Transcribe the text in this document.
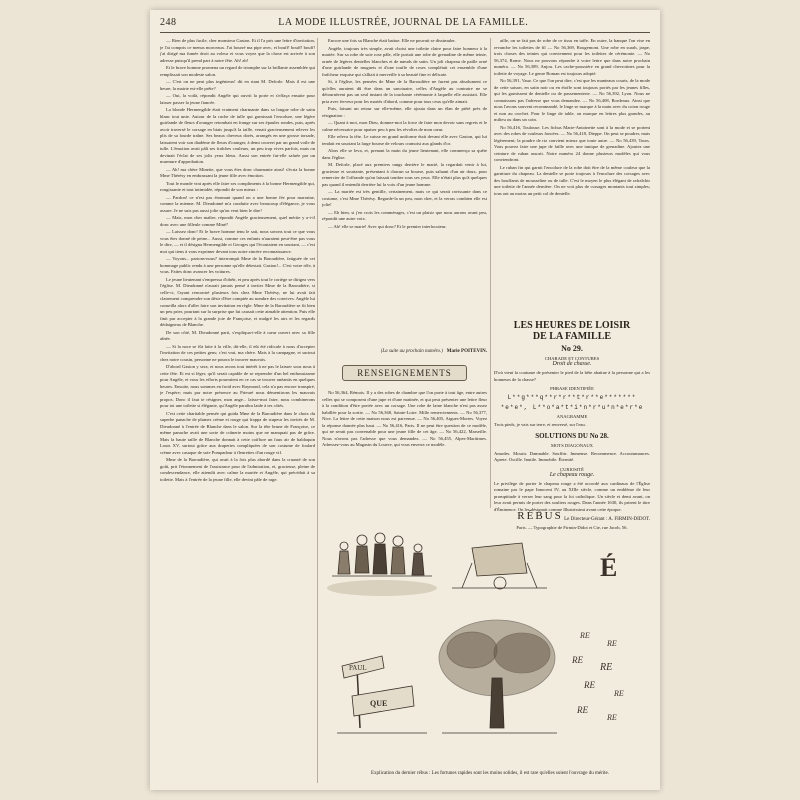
248	LA MODE ILLUSTRÉE, JOURNAL DE LA FAMILLE.

— Rien de plus facile, cher monsieur Gaston. Et il l'a pris une lettre d'invitation, je l'ai compris ce menus morceaux. J'ai bourré ma pipe avec, et bouff! bouff! bouff! j'ai dirigé ma fumée droit au voleur et vous voyez que la chose est arrivée à son adresse puisqu'il prend part à notre fête. Ah! ah!

Et le brave homme promena un regard de triomphe sur la brillante assemblée qui remplissait son modeste salon.

— C'est on ne peut plus ingénieux! dit en riant M. Deforle. Mais il est une heure; la mairie est-elle prête?

— Oui, la voilà, répondit Angèle qui ouvrit la porte et s'effaça ensuite pour laisser passer la jeune fiancée.

La blonde Hermengilde était vraiment charmante dans sa longue robe de satin blanc tout unie. Autour de la ruche de tulle qui garnissait l'encolure, une légère guirlande de fleurs d'oranger retombait en frange sur ses épaules rondes, puis, après avoir traversé le corsage en biais jusqu'à la taille, venait gracieusement relever les plis de sa lourde traîne. Ses beaux cheveux dorés, arrangés en une grosse torsade, laissaient voir son diadème de fleurs d'oranger, à demi couvert par un grand voile de tulle. L'émotion avait pâli ses fraîches couleurs, un peu trop vives parfois, mais on devinait l'éclat de ses jolis yeux bleus. Aussi son entrée fut-elle saluée par un murmure d'approbation.

— Ah! ma chère Minette, que vous êtes donc charmante ainsi! s'écria la bonne Mme Thérèsy en embrassant la jeune fille avec émotion.

Tout le monde vint après elle faire ses compliments à la bonne Hermengilde qui, rougissante et tout intimidée, répondit de son mieux :

— Pardon! ce n'est pas étonnant quand on a une bonne fée pour marraine, comme la mienne. M. Dieudonné m'a conduite avec beaucoup d'élégance, je vous assure. Je ne suis pas aussi jolie qu'on veut bien le dire!

— Mais, mon cher maître, répondit Angèle gracieusement, quel mérite y a-t-il donc avec une filleule comme Miné?

— Laissez donc! Et le brave homme tenu le sait, nous savons tout ce que vous vous êtes donné de peine... Aussi, comme ces enfants n'auraient peut-être pas vous le dire, — et il désigna Hermengilde et Georges qui l'écoutaient en souriant, — c'est moi qui tiens à vous exprimer devant tous notre sincère reconnaissance.

— Voyons... partons-nous? interrompit Mme de la Baroudière, fatiguée de cet hommage public rendu à une personne qu'elle détestait. Gaston!... C'est votre rôle, à vous. Faites donc avancer les voitures.

Le jeune lieutenant s'empressa d'obéir, et peu après tout le cortège se dirigea vers l'église. M. Dieudonné n'aurait jamais pensé à inviter Mme de la Baroudière, si celle-ci, l'ayant rencontré plusieurs fois chez Mme Thérèsy, ne lui avait fait clairement comprendre son désir d'être comptée au nombre des convives. Angèle lui conseilla alors d'aller faire son invitation en règle. Mme de la Baroudière se fit bien un peu prier, pourtant sur la surprise que lui causait cette aimable attention. Puis elle finit par accepter à la grande joie de Françoise, et malgré les airs et les regards dédaigneux de Blanche.

De son côté, M. Dieudonné parti, s'expliqua-t-elle à cœur ouvert avec sa fille aînée.

— Si la noce se fût faite à la ville, dit-elle, il eût été ridicule à nous d'accepter l'invitation de ces petites gens; c'est vrai, ma chère. Mais à la campagne, et surtout chez notre cousin, personne ne pourra le trouver mauvais.

D'abord Gaston y sera, et nous avons tout intérêt à ne pas le laisser sous nous à cette fête. Et est si léger, qu'il serait capable de se reprendre d'un bel enthousiasme pour Angèle, et vous les efforts pourraient en ce cas se trouver anéantis en quelques heures. Ensuite, nous sommes en froid avec Raymond, cela n'a pas encore transpiré, je l'espère; mais par notre présence au Prieuré nous démentirons les mauvais propos. Donc il faut te résigner, mon ange... laisse-moi faire, nous combinerons pour toi une toilette si élégante, qu'Angèle paraîtra laide à tes côtés.

C'est cette charitable pensée qui guida Mme de la Baroudière dans le choix du superbe panache de plumes crème et rouge qui frappa de stupeur les invités de M. Dieudonné à l'entrée de Blanche dans le salon. Sur la tête brune de Françoise, ce même panache avait une sorte de crânerie moins que ne manquait pas de grâce. Mais la haute taille de Blanche donnait à cette coiffure un faux air de baldaquin Louis XV, surtout grâce aux draperies compliquées de son costume de foulard crème avec casaque de soie Pompadour à fleurettes d'un rouge vif.

Mme de la Baroudière, qui avait à la fois plus abordé dans la cruauté de son goût, prit l'étonnement de l'assistance pour de l'admiration, et, gracieuse, pleine de condescendance, elle attendit avec calme la mariée et Angèle, qui précédait à sa toilette. Mais à l'entrée de la jeune fille, elle devint pâle de rage.

Encore une fois sa Blanche était battue. Elle ne pouvait se dissimuler.

Angèle, toujours très simple, avait choisi une toilette claire pour faire honneur à la mariée. Sur sa robe de soie rose pâle, elle portait une robe de grenadine de même teinte, ornée de légères dentelles blanches et de nœuds de satin. Un joli chapeau de paille orné d'une guirlande de muguets et d'une touffe de roses complétait cet ensemble d'une fraîcheur exquise qui s'alliait à merveille à sa beauté fine et délicate.

Si, à l'église, les pensées de Mme de la Baroudière ne furent pas absolument ce qu'elles auraient dû être dans un sanctuaire, celles d'Angèle au contraire ne se détournèrent pas un seul instant de la touchante cérémonie à laquelle elle assistait. Elle pria avec ferveur pour les mariés d'abord, comme pour tous ceux qu'elle aimait.

Puis, faisant un retour sur elle-même, elle ajouta dans un élan de piété près de résignation :

— Quant à moi, mon Dieu, donnez-moi la force de faire mon devoir sans regrets et le calme nécessaire pour apaiser peu à peu les révoltes de mon cœur.

Elle releva la tête. Le suisse en grand uniforme était devant elle avec Gaston, qui lui tendait en souriant la large bourse de velours cramoisi aux glands d'or.

Alors elle se leva, et, prenant la main du jeune lieutenant, elle commença sa quête dans l'église.

M. Deforle, placé aux premiers rangs derrière le marié, la regardait venir à lui, gracieuse et souriante, présentant à chacun sa bourse, puis saluant d'un air doux, pour remercier de l'offrande qu'on laissait tomber sous ses yeux. Elle n'était plus qu'à quelques pas quand il entendit derrière lui la voix d'un jeune homme.

— La mariée est très gentille, certainement, mais ce qui serait ravissante dans ce costume, c'est Mme Thérèsy. Regarde-la un peu, mon cher, et la verras combien elle est jolie!

— Eh bien, si j'en crois les commérages, c'est un plaisir que nous aurons avant peu, répondit une autre voix.

— Ah! elle se marie! Avec qui donc? Et le premier interlocuteur.

(La suite au prochain numéro.) Marie POITEVIN.
RENSEIGNEMENTS

No 56,364, Rémois. Il y a des robes de chambre que l'on porte à tout âge, entre autres celles qui se composent d'une jupe et d'une matinée, et qui peut présenter une lettre fleur à la condition d'être portée avec un corsage. Une robe de laine blanche n'est pas assez habillée pour la sortie. — No 56,368, Sainte-Loire. Mille remerciements. — No 56,377, Nice. La lettre de cette maison nous est parvenue. — No 56,405, Aigues-Mortes. Voyez la réponse donnée plus haut. — No 56,416, Paris. Il ne peut être question de ce modèle, qui ne serait pas convenable pour une jeune fille de cet âge. — No 56,422, Marseille. Nous n'avons pas l'adresse que vous demandez. — No 56,455, Alpes-Maritimes. Adressez-vous au Magasin du Louvre, qui vous enverra ce modèle.

aille, on se fait pas de robe de ce tissu en taffe. En outre, la banque l'on vise en revanche les toilettes de fil — No 56,369, Rougemont. Une robe en surah, jaspe, trois choses des teintes qui conviennent pour les toilettes de cérémonie. — No 56,374, Rome. Nous ne pouvons répondre à votre lettre que dans notre prochain numéro. — No 56,389, Anjou. Les cache-poussière en grand chevrotines pour la toilette de voyage. Le genre Roman est toujours adopté.

No 56,391, Vauz. Ce que l'on peut dire, c'est que les manteaux courts, de la mode de cette saison, en satin noir ou en étoffe sont toujours portés par les jeunes filles, qui les garnissent de dentelle ou de passementerie. — No 56,392, Lyon. Nous ne connaissons pas l'adresse que vous demandez. — No 56,408, Bordeaux. Ainsi que nous l'avons souvent recommandé, le linge se marque à la main avec du coton rouge et non au crochet. Pour le linge de table, on marque en lettres plus grandes, au milieu ou dans un coin.

No 56,416, Toulouse. Les fichus Marie-Antoinette sont à la mode et se portent avec des robes de couleurs foncées. — No 56,418, Dieppe. On peut se poudrer, mais légèrement; la poudre de riz convient mieux que toute autre. — No 56,439, Tours. Vous pouvez faire une jupe de faille avec une tunique de grenadine. Ajoutez une ceinture de ruban assorti. Notre numéro 24 donne plusieurs modèles qui vous conviendront.

Le ruban fin qui garnit l'encolure de la robe doit être de la même couleur que la garniture du chapeau. La dentelle se porte toujours à l'encolure des corsages avec des bouffants de mousseline ou de tulle. C'est le moyen le plus élégant de rafraîchir une toilette de l'année dernière. On ne voit plus de corsages montants tout simples; tous ont au moins un petit col de dentelle.

LES HEURES DE LOISIR
DE LA FAMILLE
No 29.
CHARADE ET CONTURES
Droit de chasse.
D'où vient la coutume de présenter le pied de la bête abattue à la personne qui a les honneurs de la chasse?
PHRASE IDENTIFIÉE
L**g***q**r*r**t*r**e*******
*e*e*, L**o*a*t*i*n*r*u*n*e*r*e
ANAGRAMME
Trois pieds, je vais sur terre, et renversé, sur l'eau.
SOLUTIONS DU No 28.
MOTS DIAGONAUX
Amodes. Mourir. Damnable. Souffrir. Immense. Recommence. Accoutumances. Aprete. Oscille. Inutile. Immobile. Éternité.
CURIOSITÉ
Le chapeau rouge.
Le privilège de porter le chapeau rouge a été accordé aux cardinaux de l'Église romaine par le pape Innocent IV, au XIIIe siècle, comme un emblème de leur promptitude à verser leur sang pour la foi catholique. Un siècle et demi avant, on leur avait permis de porter des souliers rouges. Dans l'année 1630, ils prirent le titre d'Éminence. On les désignait comme Illustrissimi avant cette époque.
Le Directeur-Gérant : A. FIRMIN-DIDOT.
Paris. — Typographie de Firmin-Didot et Cie, rue Jacob, 56.
RÉBUS
É
PAUL
QUE
RE
RE
RE
RE
RE
RE
RE
RE
Explication du dernier rébus : Les fortunes rapides sont les moins solides, il est rare qu'elles soient l'ouvrage du mérite.
